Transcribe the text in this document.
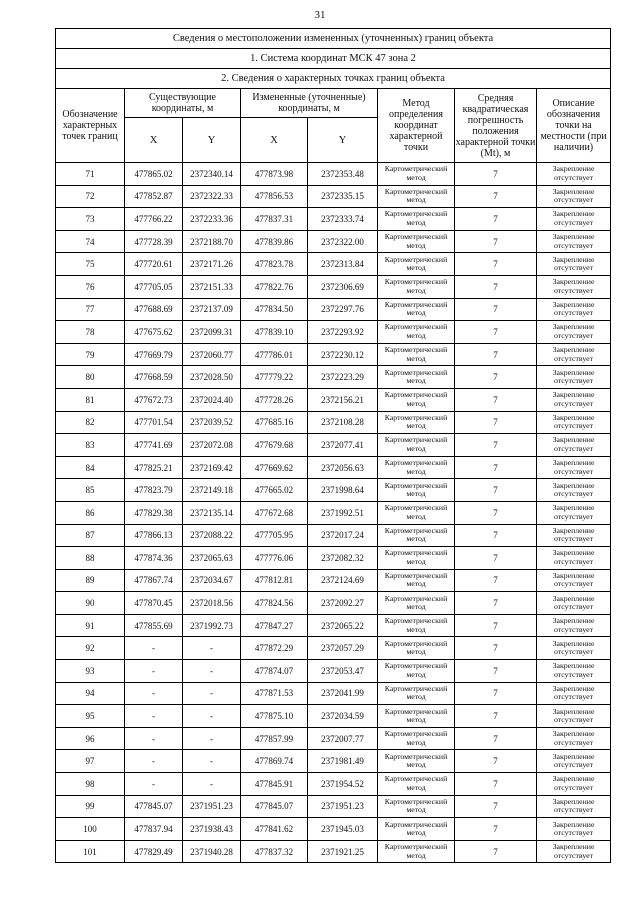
31
Сведения о местоположении измененных (уточненных) границ объекта							
1. Система координат МСК 47 зона 2							
2. Сведения о характерных точках границ объекта							
Обозначение характерных точек границ	Существующие координаты, м		Измененные (уточненные) координаты, м		Метод определения координат характерной точки	Средняя квадратическая погрешность положения характерной точки (Mt), м	Описание обозначения точки на местности (при наличии)
	X	Y	X	Y			
71	477865.02	2372340.14	477873.98	2372353.48	Картометрический метод	7	Закрепление отсутствует
72	477852.87	2372322.33	477856.53	2372335.15	Картометрический метод	7	Закрепление отсутствует
73	477766.22	2372233.36	477837.31	2372333.74	Картометрический метод	7	Закрепление отсутствует
74	477728.39	2372188.70	477839.86	2372322.00	Картометрический метод	7	Закрепление отсутствует
75	477720.61	2372171.26	477823.78	2372313.84	Картометрический метод	7	Закрепление отсутствует
76	477705.05	2372151.33	477822.76	2372306.69	Картометрический метод	7	Закрепление отсутствует
77	477688.69	2372137.09	477834.50	2372297.76	Картометрический метод	7	Закрепление отсутствует
78	477675.62	2372099.31	477839.10	2372293.92	Картометрический метод	7	Закрепление отсутствует
79	477669.79	2372060.77	477786.01	2372230.12	Картометрический метод	7	Закрепление отсутствует
80	477668.59	2372028.50	477779.22	2372223.29	Картометрический метод	7	Закрепление отсутствует
81	477672.73	2372024.40	477728.26	2372156.21	Картометрический метод	7	Закрепление отсутствует
82	477701.54	2372039.52	477685.16	2372108.28	Картометрический метод	7	Закрепление отсутствует
83	477741.69	2372072.08	477679.68	2372077.41	Картометрический метод	7	Закрепление отсутствует
84	477825.21	2372169.42	477669.62	2372056.63	Картометрический метод	7	Закрепление отсутствует
85	477823.79	2372149.18	477665.02	2371998.64	Картометрический метод	7	Закрепление отсутствует
86	477829.38	2372135.14	477672.68	2371992.51	Картометрический метод	7	Закрепление отсутствует
87	477866.13	2372088.22	477705.95	2372017.24	Картометрический метод	7	Закрепление отсутствует
88	477874.36	2372065.63	477776.06	2372082.32	Картометрический метод	7	Закрепление отсутствует
89	477867.74	2372034.67	477812.81	2372124.69	Картометрический метод	7	Закрепление отсутствует
90	477870.45	2372018.56	477824.56	2372092.27	Картометрический метод	7	Закрепление отсутствует
91	477855.69	2371992.73	477847.27	2372065.22	Картометрический метод	7	Закрепление отсутствует
92	-	-	477872.29	2372057.29	Картометрический метод	7	Закрепление отсутствует
93	-	-	477874.07	2372053.47	Картометрический метод	7	Закрепление отсутствует
94	-	-	477871.53	2372041.99	Картометрический метод	7	Закрепление отсутствует
95	-	-	477875.10	2372034.59	Картометрический метод	7	Закрепление отсутствует
96	-	-	477857.99	2372007.77	Картометрический метод	7	Закрепление отсутствует
97	-	-	477869.74	2371981.49	Картометрический метод	7	Закрепление отсутствует
98	-	-	477845.91	2371954.52	Картометрический метод	7	Закрепление отсутствует
99	477845.07	2371951.23	477845.07	2371951.23	Картометрический метод	7	Закрепление отсутствует
100	477837.94	2371938.43	477841.62	2371945.03	Картометрический метод	7	Закрепление отсутствует
101	477829.49	2371940.28	477837.32	2371921.25	Картометрический метод	7	Закрепление отсутствует
